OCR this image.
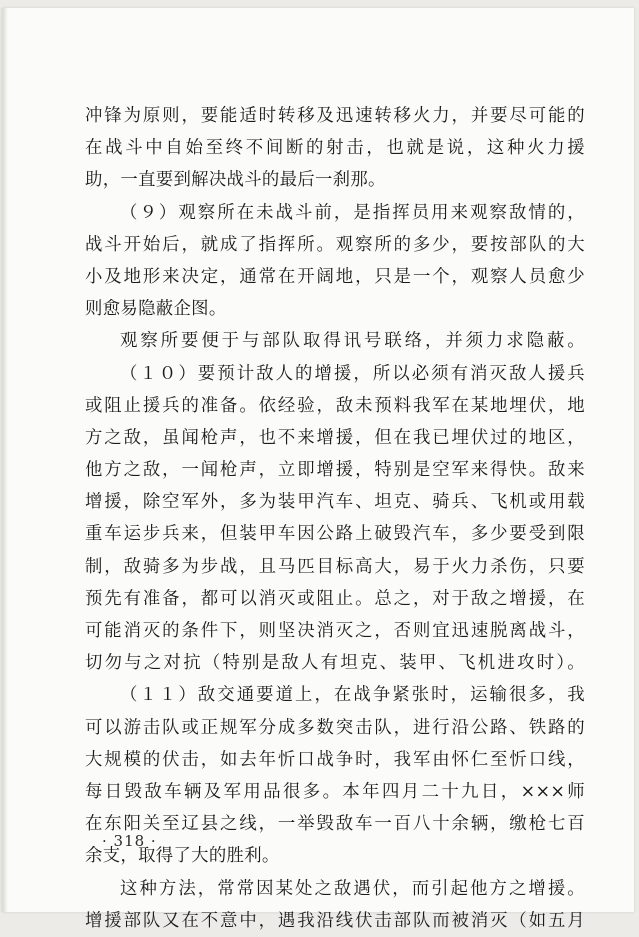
冲锋为原则，要能适时转移及迅速转移火力，并要尽可能的
在战斗中自始至终不间断的射击，也就是说，这种火力援
助，一直要到解决战斗的最后一刹那。
（９）观察所在未战斗前，是指挥员用来观察敌情的，
战斗开始后，就成了指挥所。观察所的多少，要按部队的大
小及地形来决定，通常在开阔地，只是一个，观察人员愈少
则愈易隐蔽企图。
观察所要便于与部队取得讯号联络，并须力求隐蔽。
（１０）要预计敌人的增援，所以必须有消灭敌人援兵
或阻止援兵的准备。依经验，敌未预料我军在某地埋伏，地
方之敌，虽闻枪声，也不来增援，但在我已埋伏过的地区，
他方之敌，一闻枪声，立即增援，特别是空军来得快。敌来
增援，除空军外，多为装甲汽车、坦克、骑兵、飞机或用载
重车运步兵来，但装甲车因公路上破毁汽车，多少要受到限
制，敌骑多为步战，且马匹目标高大，易于火力杀伤，只要
预先有准备，都可以消灭或阻止。总之，对于敌之增援，在
可能消灭的条件下，则坚决消灭之，否则宜迅速脱离战斗，
切勿与之对抗（特别是敌人有坦克、装甲、飞机进攻时）。
（１１）敌交通要道上，在战争紧张时，运输很多，我
可以游击队或正规军分成多数突击队，进行沿公路、铁路的
大规模的伏击，如去年忻口战争时，我军由怀仁至忻口线，
每日毁敌车辆及军用品很多。本年四月二十九日，×××师
在东阳关至辽县之线，一举毁敌车一百八十余辆，缴枪七百
余支，取得了大的胜利。
这种方法，常常因某处之敌遇伏，而引起他方之增援。
增援部队又在不意中，遇我沿线伏击部队而被消灭（如五月
· 318 ·
